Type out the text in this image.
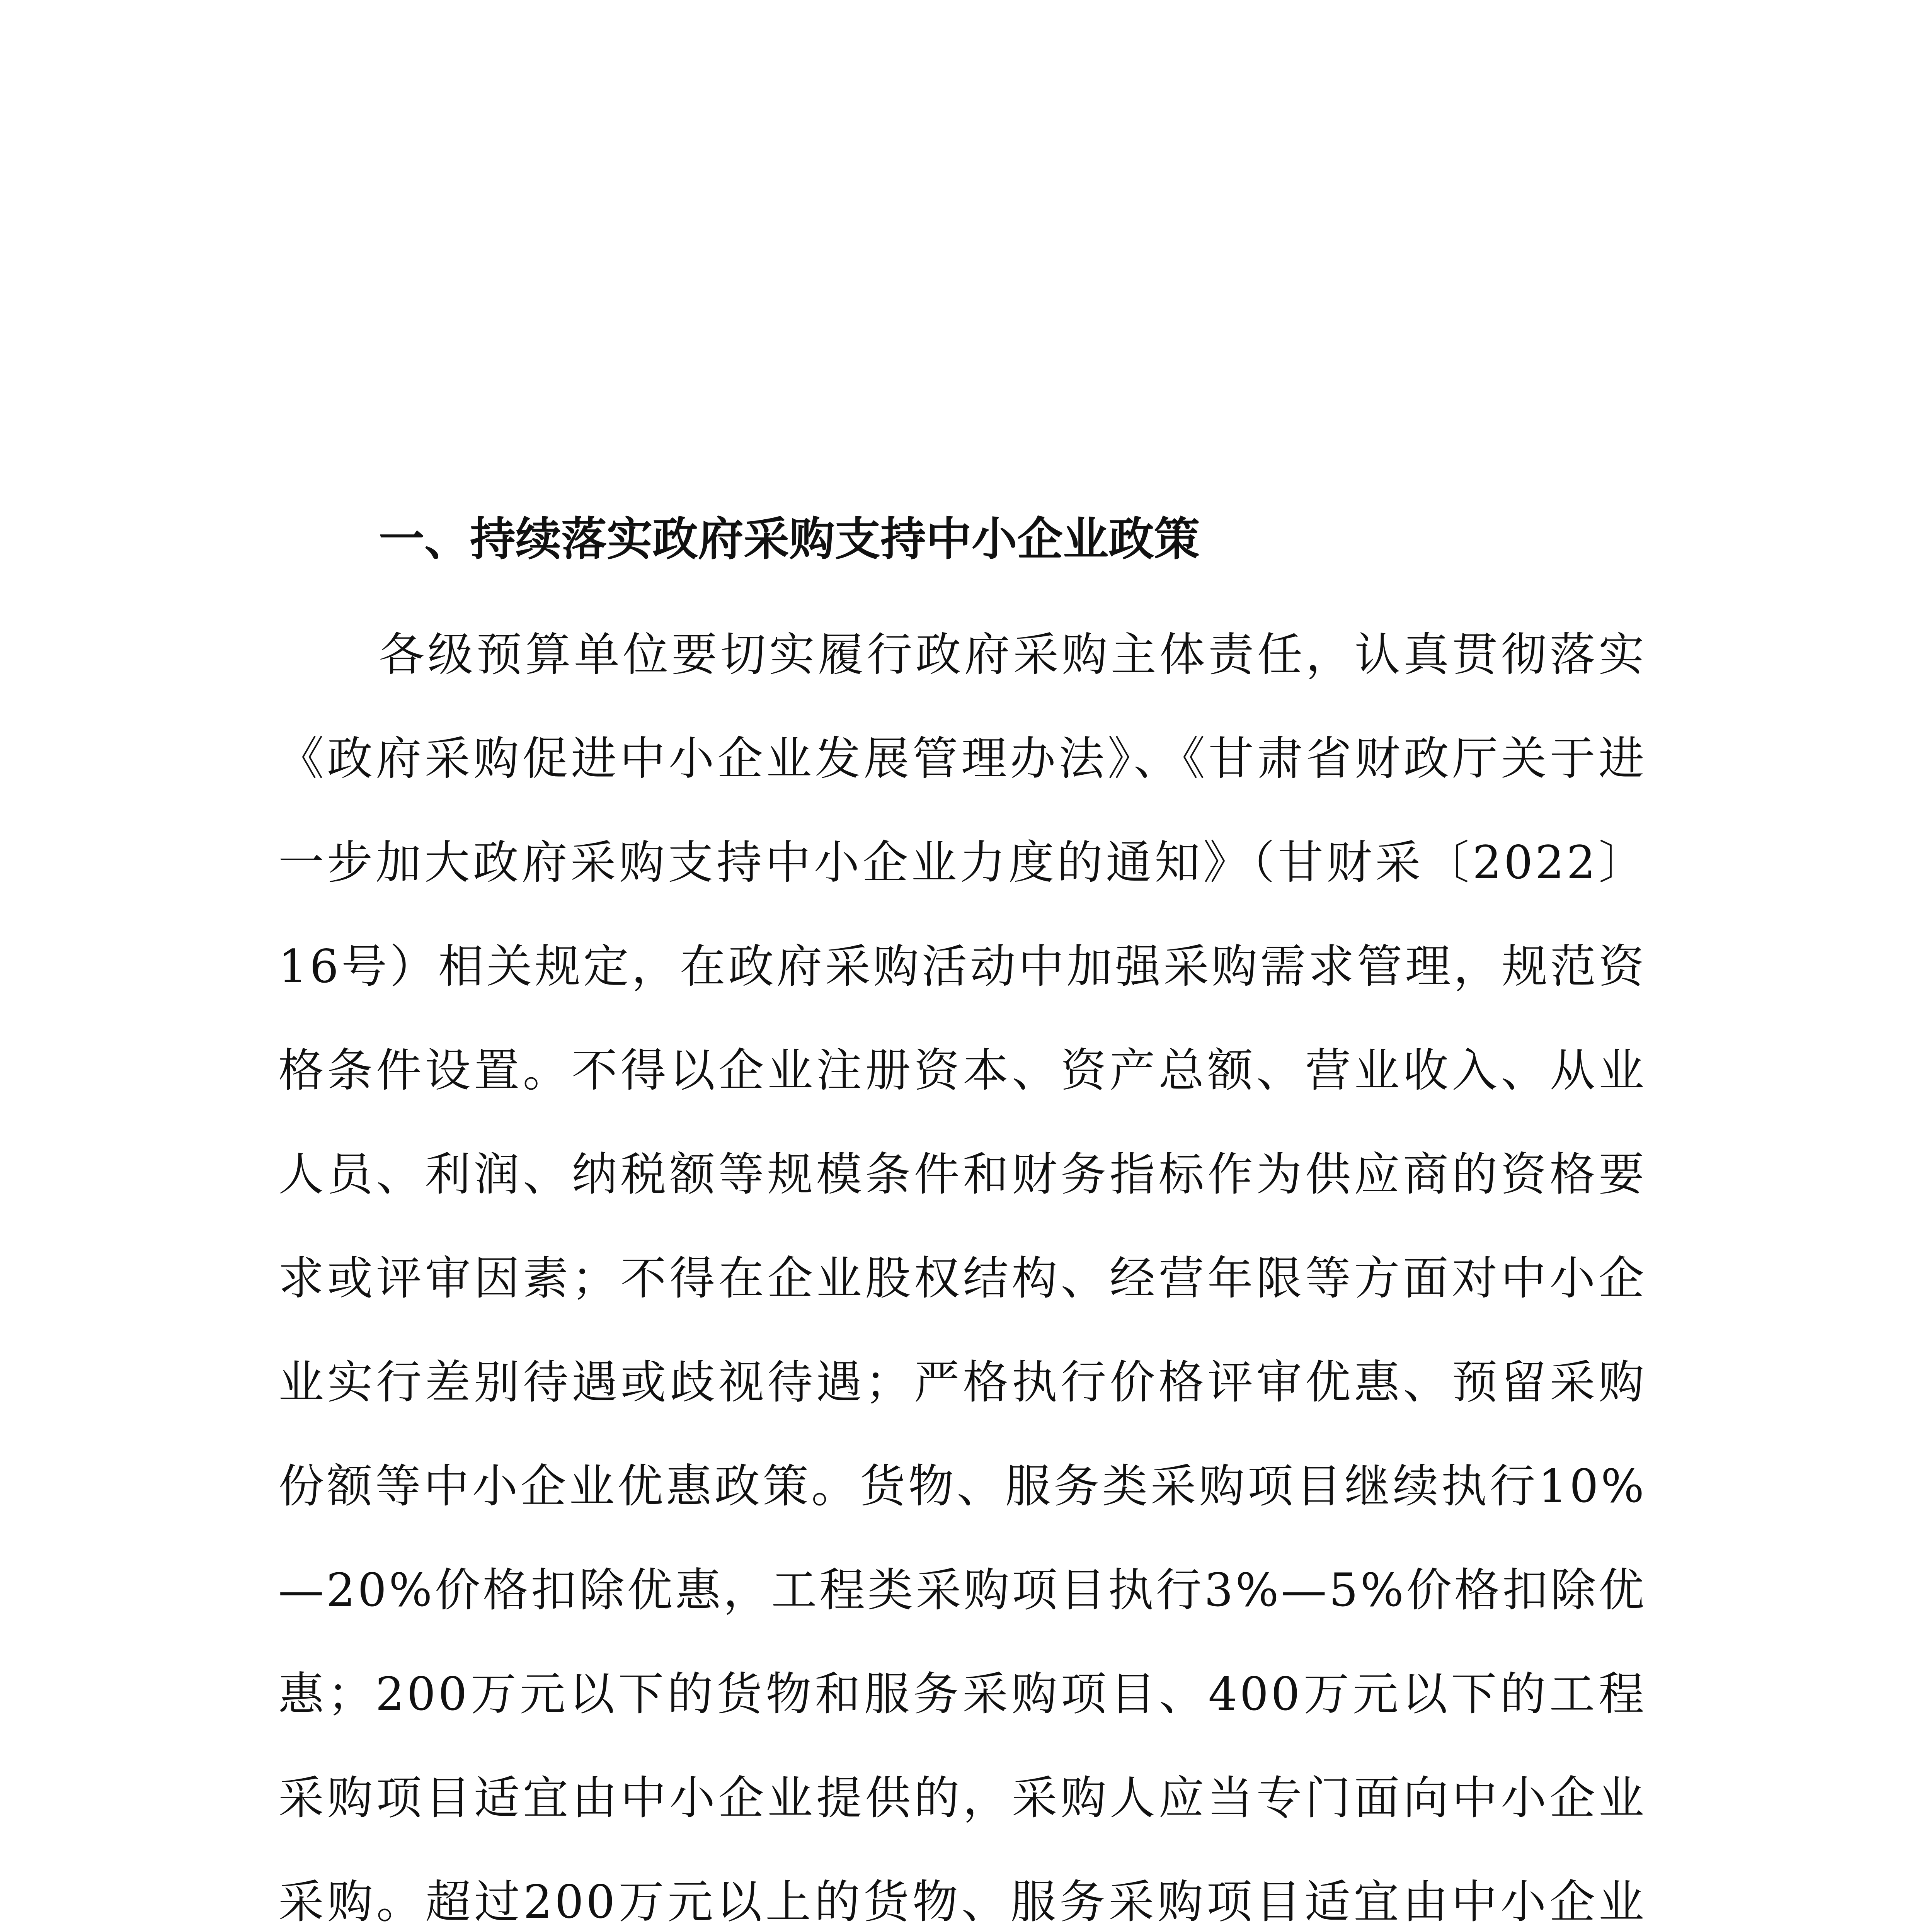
一、持续落实政府采购支持中小企业政策
各级预算单位要切实履行政府采购主体责任，认真贯彻落实《政府采购促进中小企业发展管理办法》、《甘肃省财政厅关于进一步加大政府采购支持中小企业力度的通知》（甘财采〔2022〕16号）相关规定，在政府采购活动中加强采购需求管理，规范资格条件设置。不得以企业注册资本、资产总额、营业收入、从业人员、利润、纳税额等规模条件和财务指标作为供应商的资格要求或评审因素；不得在企业股权结构、经营年限等方面对中小企业实行差别待遇或歧视待遇；严格执行价格评审优惠、预留采购份额等中小企业优惠政策。货物、服务类采购项目继续执行10%—20%价格扣除优惠，工程类采购项目执行3%—5%价格扣除优惠；200万元以下的货物和服务采购项目、400万元以下的工程采购项目适宜由中小企业提供的，采购人应当专门面向中小企业采购。超过200万元以上的货物、服务采购项目适宜由中小企业
